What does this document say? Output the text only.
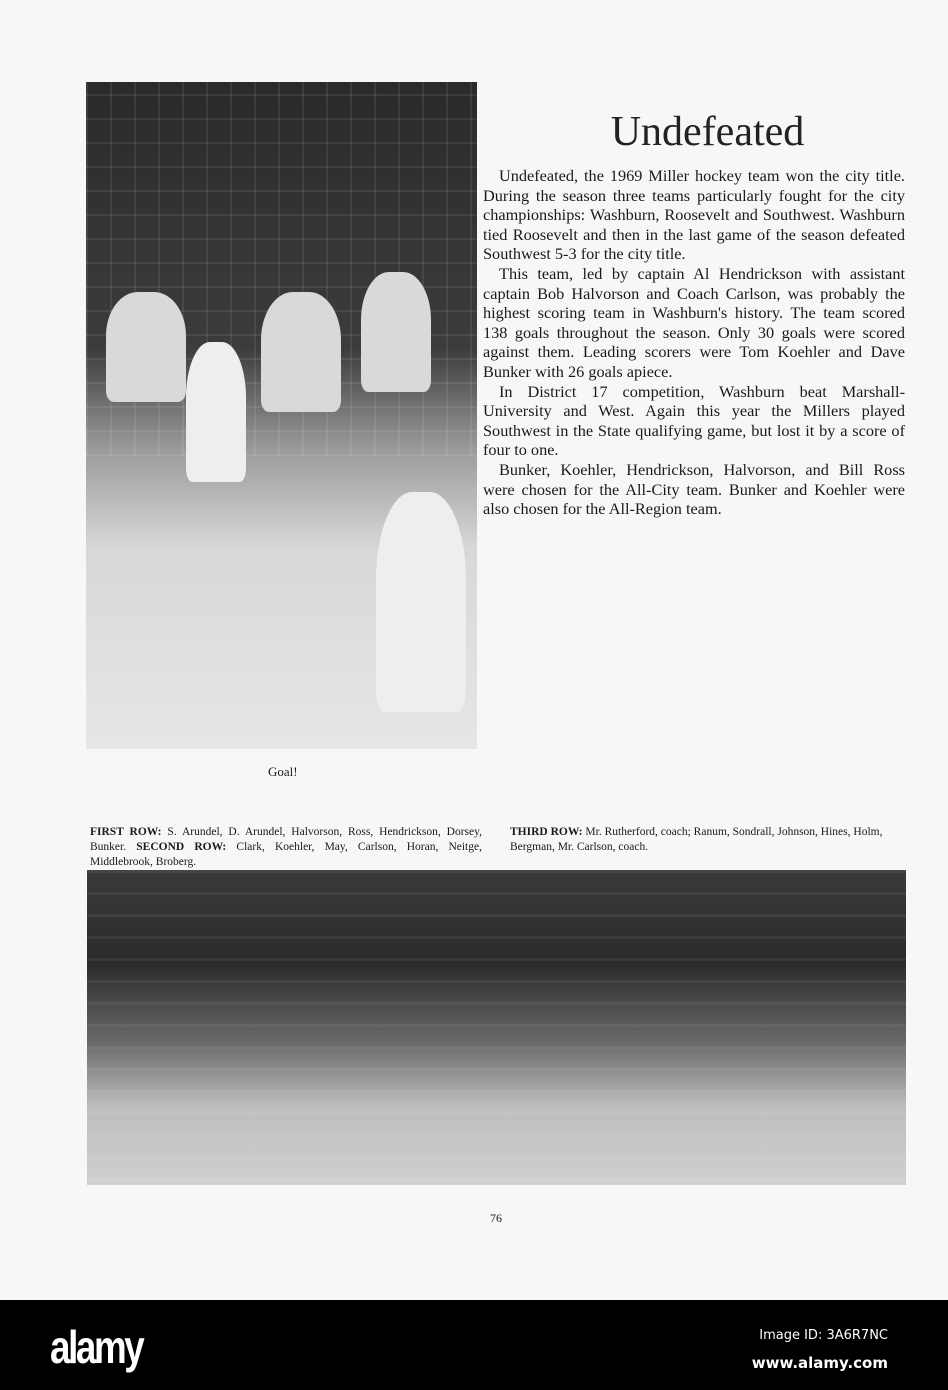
Undefeated

Undefeated, the 1969 Miller hockey team won the city title. During the season three teams particularly fought for the city championships: Washburn, Roosevelt and Southwest. Washburn tied Roosevelt and then in the last game of the season defeated Southwest 5-3 for the city title.

This team, led by captain Al Hendrickson with assistant captain Bob Halvorson and Coach Carlson, was probably the highest scoring team in Washburn's history. The team scored 138 goals throughout the season. Only 30 goals were scored against them. Leading scorers were Tom Koehler and Dave Bunker with 26 goals apiece.

In District 17 competition, Washburn beat Marshall-University and West. Again this year the Millers played Southwest in the State qualifying game, but lost it by a score of four to one.

Bunker, Koehler, Hendrickson, Halvorson, and Bill Ross were chosen for the All-City team. Bunker and Koehler were also chosen for the All-Region team.

Goal!
FIRST ROW: S. Arundel, D. Arundel, Halvorson, Ross, Hendrickson, Dorsey, Bunker. SECOND ROW: Clark, Koehler, May, Carlson, Horan, Neitge, Middlebrook, Broberg.
THIRD ROW: Mr. Rutherford, coach; Ranum, Sondrall, Johnson, Hines, Holm, Bergman, Mr. Carlson, coach.
76
alamy	Image ID: 3A6R7NC
www.alamy.com
